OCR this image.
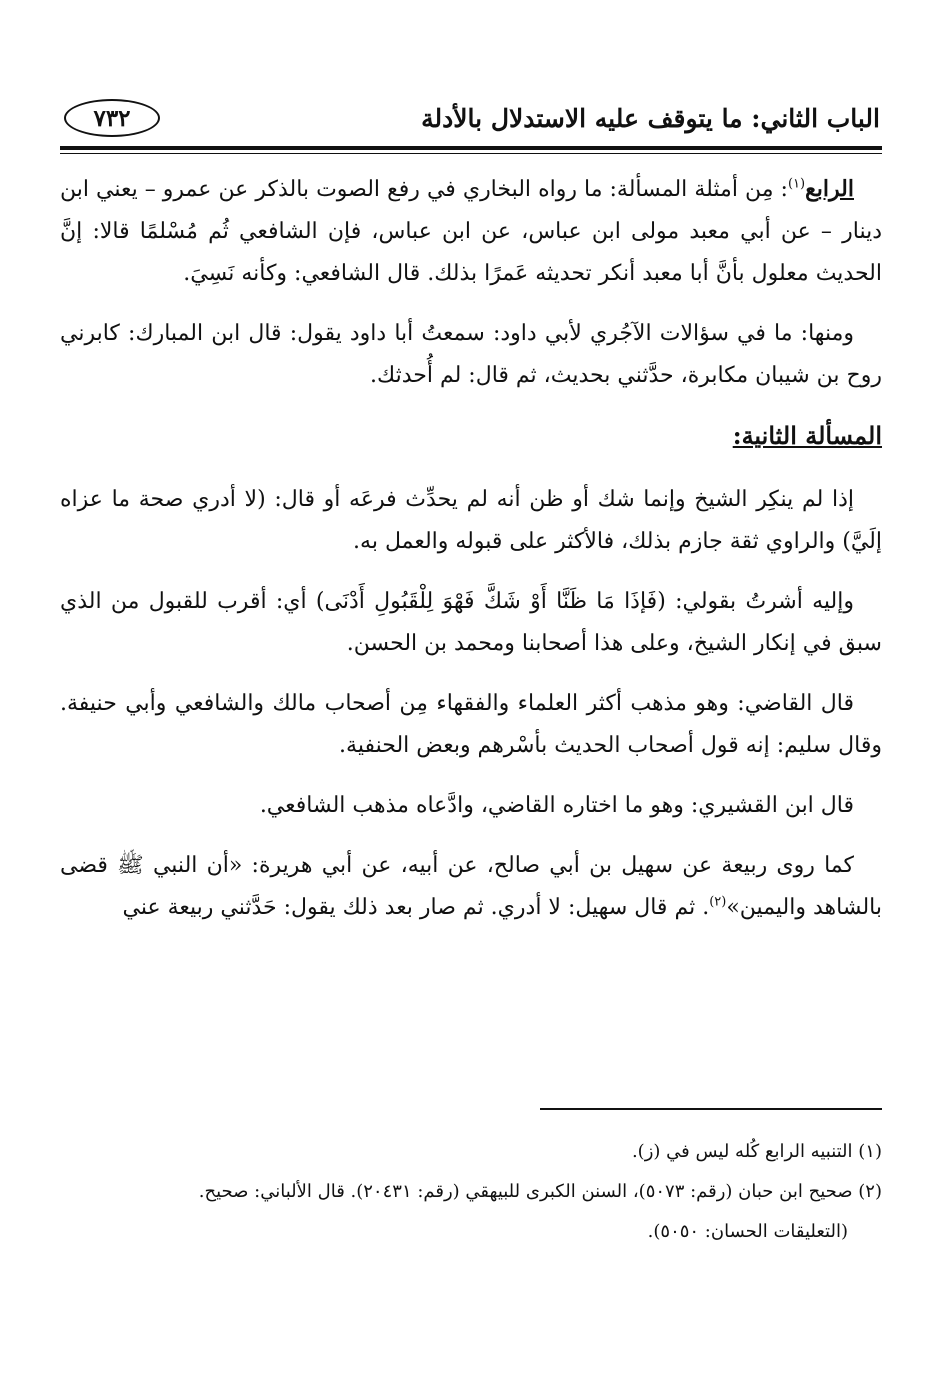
٧٣٢	الباب الثاني: ما يتوقف عليه الاستدلال بالأدلة

الرابع$^{(١)}$: مِن أمثلة المسألة: ما رواه البخاري في رفع الصوت بالذكر عن عمرو – يعني ابن دينار – عن أبي معبد مولى ابن عباس، عن ابن عباس، فإن الشافعي ثُم مُسْلمًا قالا: إنَّ الحديث معلول بأنَّ أبا معبد أنكر تحديثه عَمرًا بذلك. قال الشافعي: وكأنه نَسِيَ.

ومنها: ما في سؤالات الآجُري لأبي داود: سمعتُ أبا داود يقول: قال ابن المبارك: كابرني روح بن شيبان مكابرة، حدَّثني بحديث، ثم قال: لم أُحدثك.

المسألة الثانية:

إذا لم ينكِر الشيخ وإنما شك أو ظن أنه لم يحدِّث فرعَه أو قال: (لا أدري صحة ما عزاه إلَيَّ) والراوي ثقة جازم بذلك، فالأكثر على قبوله والعمل به.

وإليه أشرتُ بقولي: (فَإذَا مَا ظَنَّا أَوْ شَكَّ فَهْوَ لِلْقَبُولِ أَدْنَى) أي: أقرب للقبول من الذي سبق في إنكار الشيخ، وعلى هذا أصحابنا ومحمد بن الحسن.

قال القاضي: وهو مذهب أكثر العلماء والفقهاء مِن أصحاب مالك والشافعي وأبي حنيفة. وقال سليم: إنه قول أصحاب الحديث بأسْرهم وبعض الحنفية.

قال ابن القشيري: وهو ما اختاره القاضي، وادَّعاه مذهب الشافعي.

كما روى ربيعة عن سهيل بن أبي صالح، عن أبيه، عن أبي هريرة: «أن النبي ﷺ قضى بالشاهد واليمين»$^{(٢)}$. ثم قال سهيل: لا أدري. ثم صار بعد ذلك يقول: حَدَّثني ربيعة عني

(١) التنبيه الرابع كُله ليس في (ز).

(٢) صحيح ابن حبان (رقم: ٥٠٧٣)، السنن الكبرى للبيهقي (رقم: ٢٠٤٣١). قال الألباني: صحيح.

(التعليقات الحسان: ٥٠٥٠).
